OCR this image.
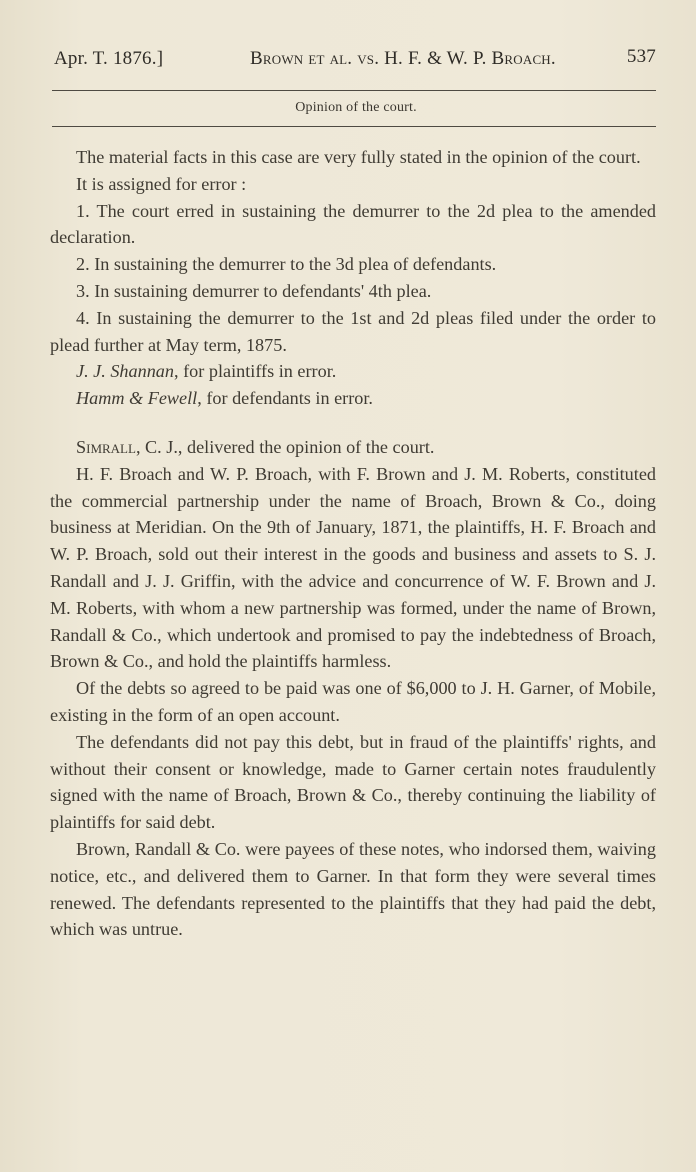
Apr. T. 1876.]	Brown et al. vs. H. F. & W. P. Broach.	537
Opinion of the court.

The material facts in this case are very fully stated in the opinion of the court.

It is assigned for error :

1. The court erred in sustaining the demurrer to the 2d plea to the amended declaration.

2. In sustaining the demurrer to the 3d plea of defendants.

3. In sustaining demurrer to defendants' 4th plea.

4. In sustaining the demurrer to the 1st and 2d pleas filed under the order to plead further at May term, 1875.

J. J. Shannan, for plaintiffs in error.

Hamm & Fewell, for defendants in error.

Simrall, C. J., delivered the opinion of the court.

H. F. Broach and W. P. Broach, with F. Brown and J. M. Roberts, constituted the commercial partnership under the name of Broach, Brown & Co., doing business at Meridian. On the 9th of January, 1871, the plaintiffs, H. F. Broach and W. P. Broach, sold out their interest in the goods and business and assets to S. J. Randall and J. J. Griffin, with the advice and concurrence of W. F. Brown and J. M. Roberts, with whom a new partnership was formed, under the name of Brown, Randall & Co., which undertook and promised to pay the indebtedness of Broach, Brown & Co., and hold the plaintiffs harmless.

Of the debts so agreed to be paid was one of $6,000 to J. H. Garner, of Mobile, existing in the form of an open account.

The defendants did not pay this debt, but in fraud of the plaintiffs' rights, and without their consent or knowledge, made to Garner certain notes fraudulently signed with the name of Broach, Brown & Co., thereby continuing the liability of plaintiffs for said debt.

Brown, Randall & Co. were payees of these notes, who indorsed them, waiving notice, etc., and delivered them to Garner. In that form they were several times renewed. The defendants represented to the plaintiffs that they had paid the debt, which was untrue.
